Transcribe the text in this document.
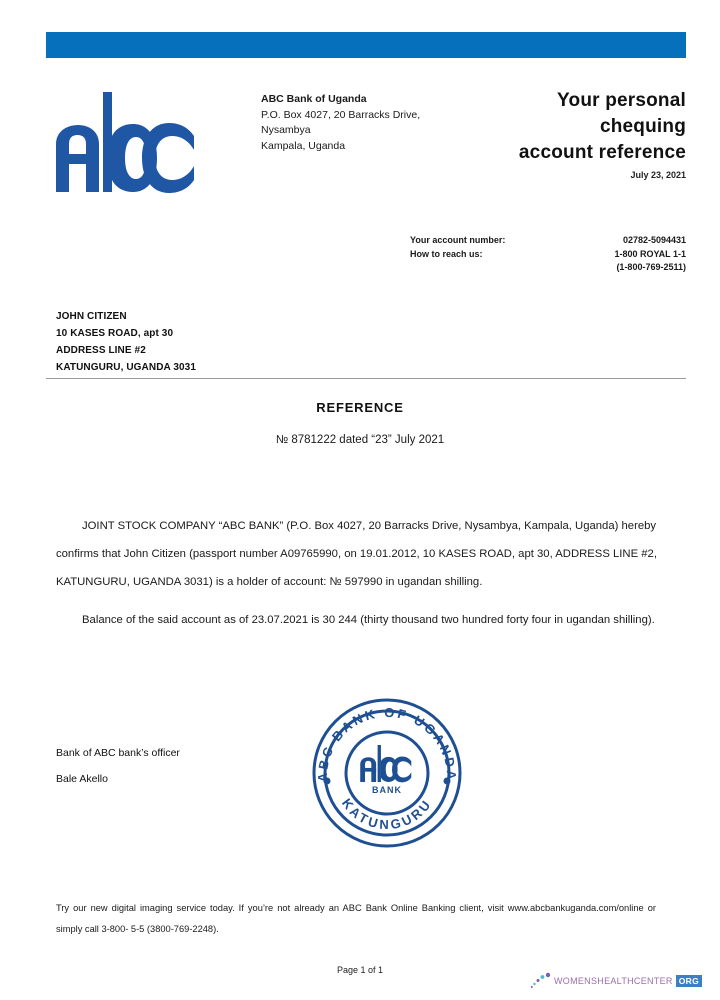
ABC Bank of Uganda
P.O. Box 4027, 20 Barracks Drive,
Nysambya
Kampala, Uganda
Your personal
chequing
account reference
July 23, 2021
Your account number:	02782-5094431
How to reach us:	1-800 ROYAL 1-1
(1-800-769-2511)
JOHN CITIZEN
10 KASES ROAD, apt 30
ADDRESS LINE #2
KATUNGURU, UGANDA 3031
REFERENCE
№ 8781222 dated “23” July 2021

JOINT STOCK COMPANY “ABC BANK” (P.O. Box 4027, 20 Barracks Drive, Nysambya, Kampala, Uganda) hereby confirms that John Citizen (passport number A09765990, on 19.01.2012, 10 KASES ROAD, apt 30, ADDRESS LINE #2, KATUNGURU, UGANDA 3031) is a holder of account: № 597990 in ugandan shilling.

Balance of the said account as of 23.07.2021 is 30 244 (thirty thousand two hundred forty four in ugandan shilling).

Bank of ABC bank’s officer
Bale Akello	ABC BANK OF UGANDA
KATUNGURU
BANK
Try our new digital imaging service today. If you’re not already an ABC Bank Online Banking client, visit www.abcbankuganda.com/online or simply call 3-800- 5-5 (3800-769-2248).
Page 1 of 1
WOMENSHEALTHCENTER ORG
